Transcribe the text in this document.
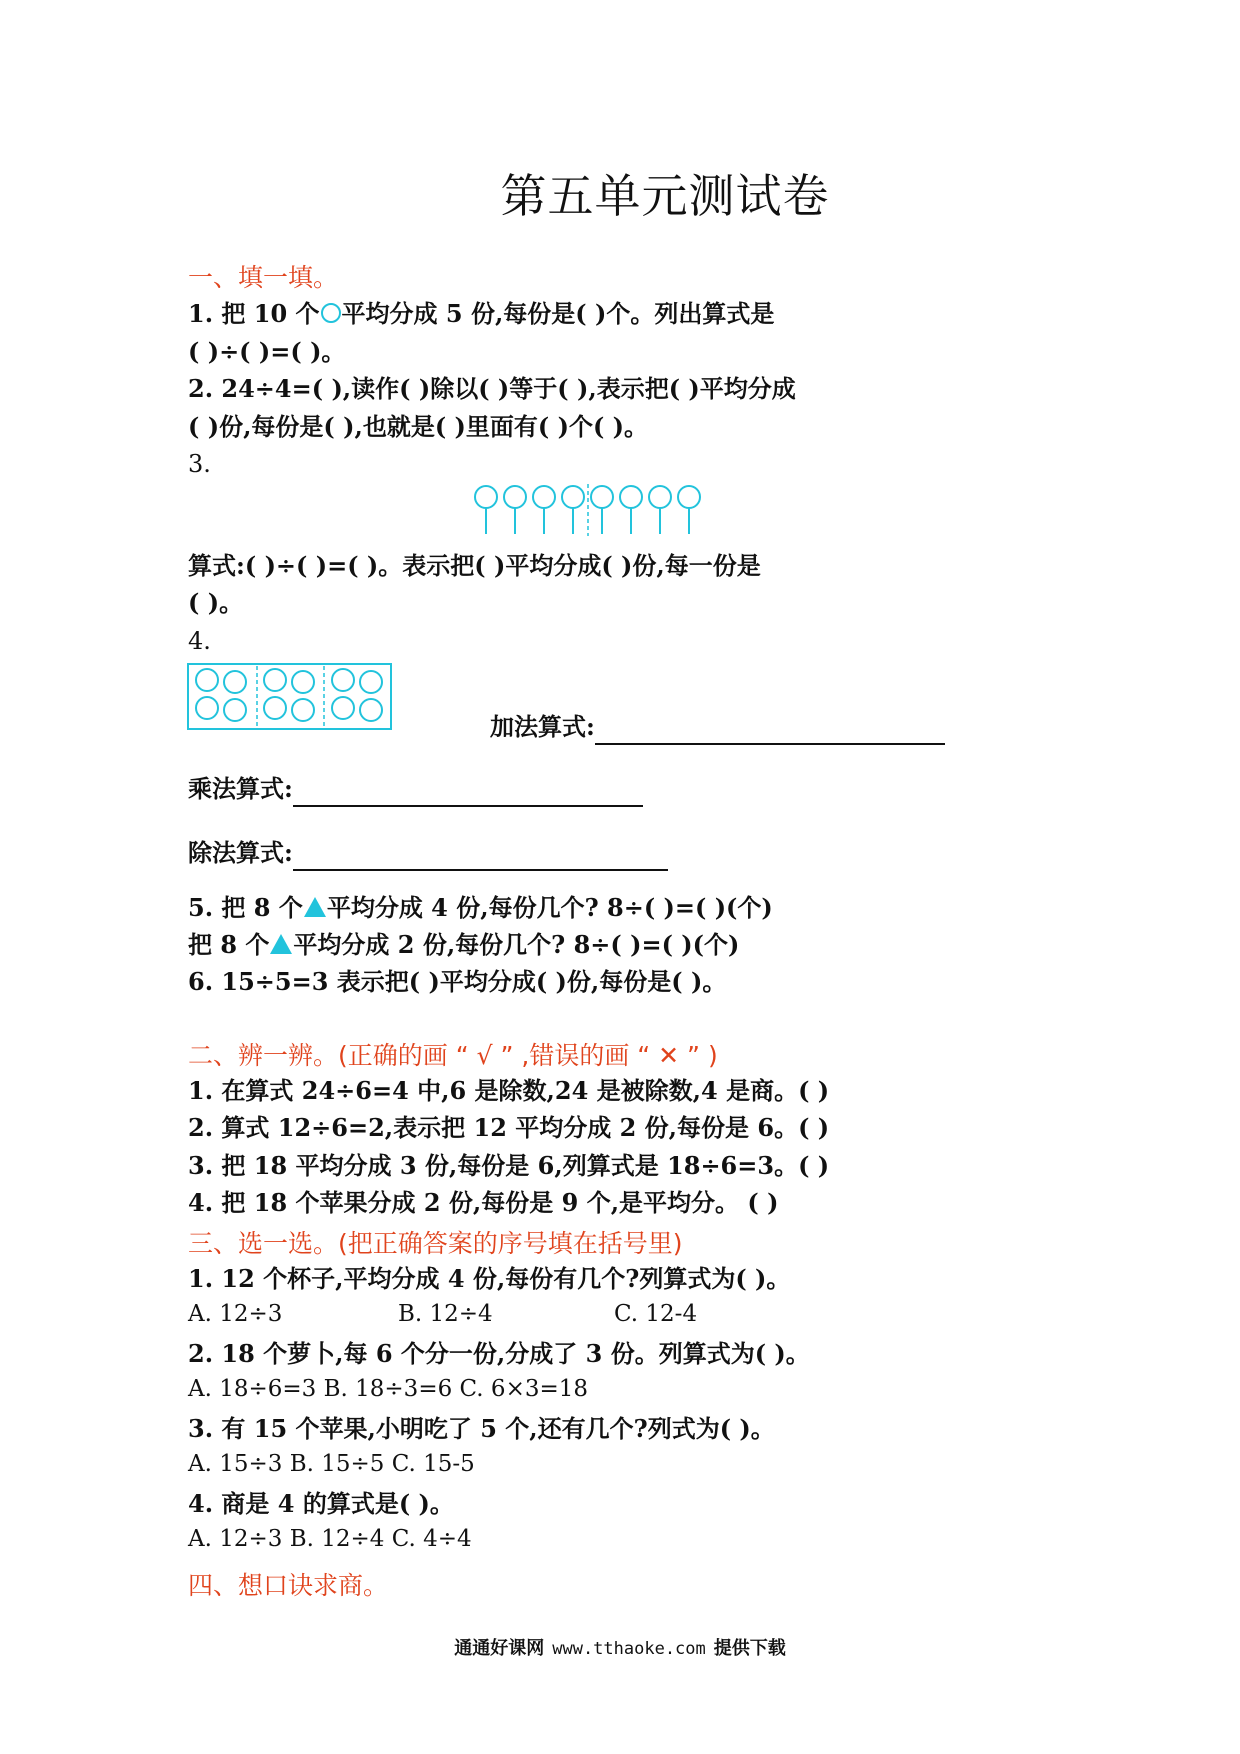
第五单元测试卷
一、填一填。
1. 把 10 个 平均分成 5 份,每份是( )个。列出算式是
( )÷( )=( )。
2. 24÷4=( ),读作( )除以( )等于( ),表示把( )平均分成
( )份,每份是( ),也就是( )里面有( )个( )。
3.
算式:( )÷( )=( )。表示把( )平均分成( )份,每一份是
( )。
4.
加法算式:
乘法算式:
除法算式:
5. 把 8 个 平均分成 4 份,每份几个? 8÷( )=( )(个)
把 8 个 平均分成 2 份,每份几个? 8÷( )=( )(个)
6. 15÷5=3 表示把( )平均分成( )份,每份是( )。
二、辨一辨。(正确的画 “ √ ” ,错误的画 “ ✕ ” )
1. 在算式 24÷6=4 中,6 是除数,24 是被除数,4 是商。( )
2. 算式 12÷6=2,表示把 12 平均分成 2 份,每份是 6。( )
3. 把 18 平均分成 3 份,每份是 6,列算式是 18÷6=3。( )
4. 把 18 个苹果分成 2 份,每份是 9 个,是平均分。 ( )
三、选一选。(把正确答案的序号填在括号里)
1. 12 个杯子,平均分成 4 份,每份有几个?列算式为( )。
A. 12÷3	B. 12÷4	C. 12-4
2. 18 个萝卜,每 6 个分一份,分成了 3 份。列算式为( )。
A. 18÷6=3 B. 18÷3=6 C. 6×3=18
3. 有 15 个苹果,小明吃了 5 个,还有几个?列式为( )。
A. 15÷3 B. 15÷5 C. 15-5
4. 商是 4 的算式是( )。
A. 12÷3 B. 12÷4 C. 4÷4
四、想口诀求商。
通通好课网 www.tthaoke.com 提供下载
